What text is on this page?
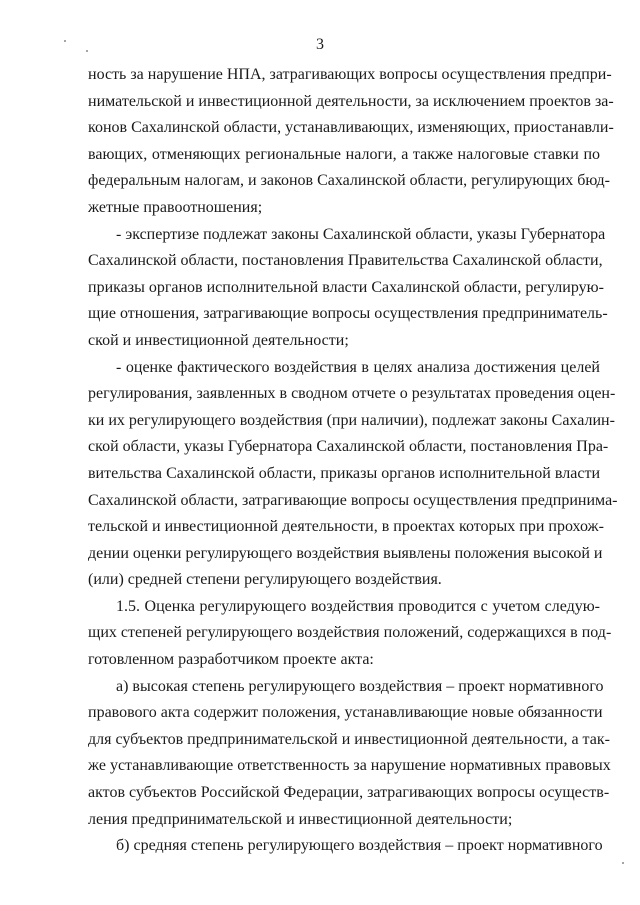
3
ность за нарушение НПА, затрагивающих вопросы осуществления предпри-
нимательской и инвестиционной деятельности, за исключением проектов за-
конов Сахалинской области, устанавливающих, изменяющих, приостанавли-
вающих, отменяющих региональные налоги, а также налоговые ставки по
федеральным налогам, и законов Сахалинской области, регулирующих бюд-
жетные правоотношения;
- экспертизе подлежат законы Сахалинской области, указы Губернатора
Сахалинской области, постановления Правительства Сахалинской области,
приказы органов исполнительной власти Сахалинской области, регулирую-
щие отношения, затрагивающие вопросы осуществления предприниматель-
ской и инвестиционной деятельности;
- оценке фактического воздействия в целях анализа достижения целей
регулирования, заявленных в сводном отчете о результатах проведения оцен-
ки их регулирующего воздействия (при наличии), подлежат законы Сахалин-
ской области, указы Губернатора Сахалинской области, постановления Пра-
вительства Сахалинской области, приказы органов исполнительной власти
Сахалинской области, затрагивающие вопросы осуществления предпринима-
тельской и инвестиционной деятельности, в проектах которых при прохож-
дении оценки регулирующего воздействия выявлены положения высокой и
(или) средней степени регулирующего воздействия.
1.5. Оценка регулирующего воздействия проводится с учетом следую-
щих степеней регулирующего воздействия положений, содержащихся в под-
готовленном разработчиком проекте акта:
а) высокая степень регулирующего воздействия – проект нормативного
правового акта содержит положения, устанавливающие новые обязанности
для субъектов предпринимательской и инвестиционной деятельности, а так-
же устанавливающие ответственность за нарушение нормативных правовых
актов субъектов Российской Федерации, затрагивающих вопросы осуществ-
ления предпринимательской и инвестиционной деятельности;
б) средняя степень регулирующего воздействия – проект нормативного
